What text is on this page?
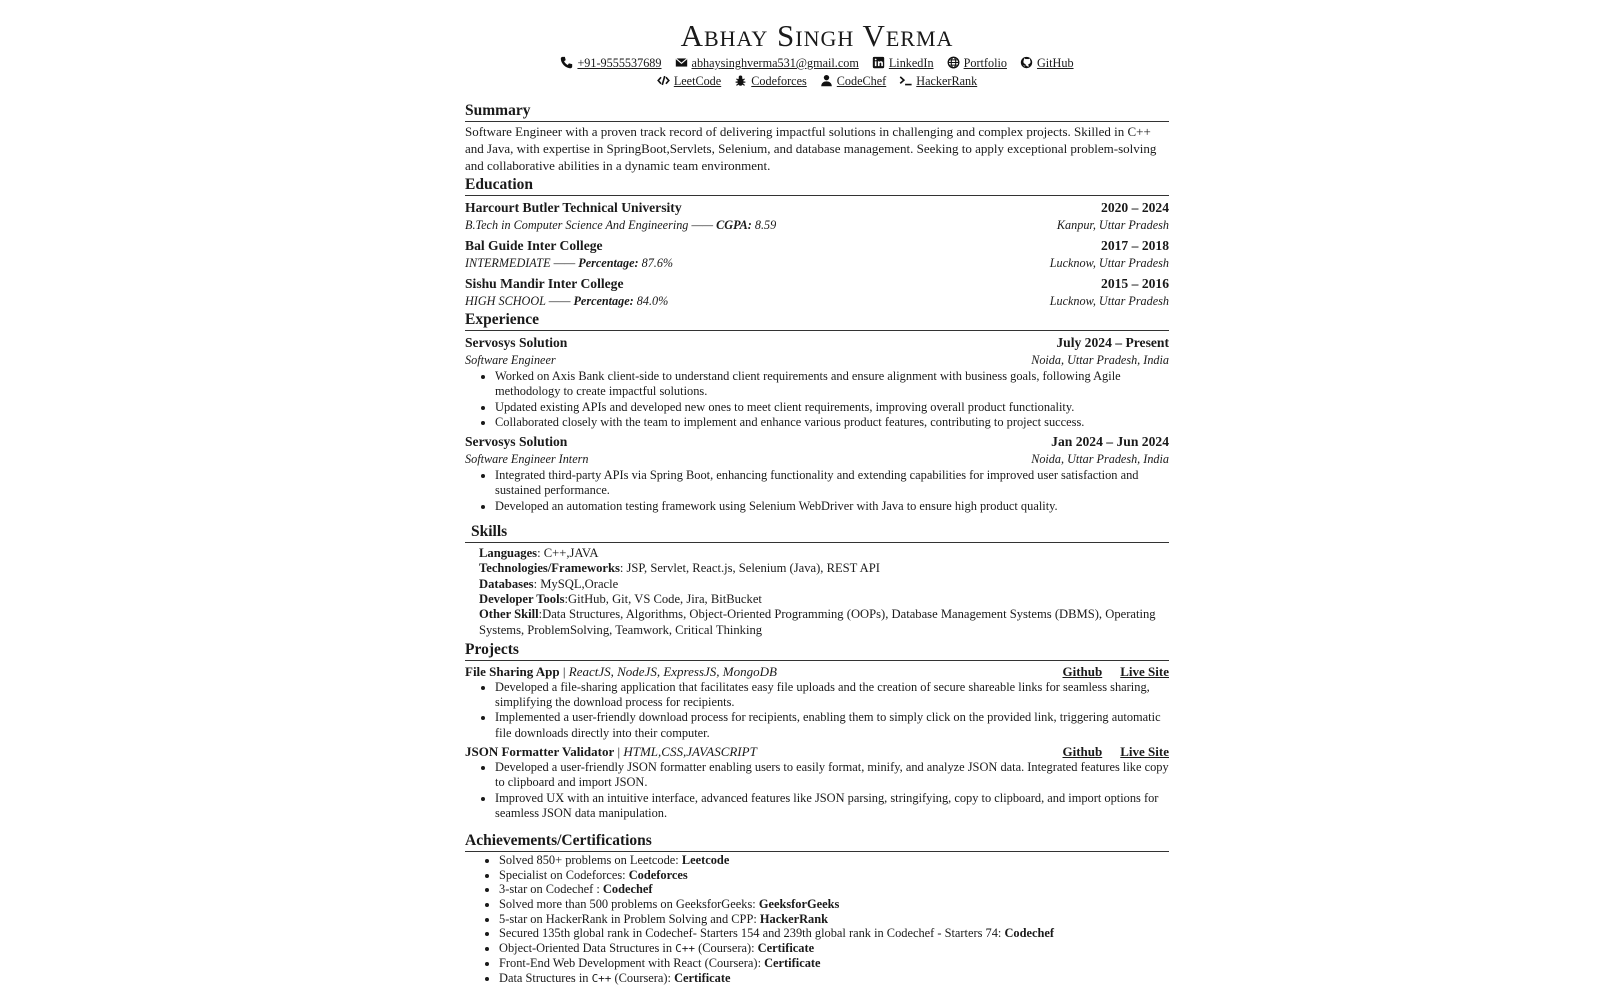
Abhay Singh Verma
+91-9555537689 abhaysinghverma531@gmail.com LinkedIn Portfolio GitHub
LeetCode Codeforces CodeChef HackerRank
Summary
Software Engineer with a proven track record of delivering impactful solutions in challenging and complex projects. Skilled in C++ and Java, with expertise in SpringBoot,Servlets, Selenium, and database management. Seeking to apply exceptional problem-solving and collaborative abilities in a dynamic team environment.
Education
Harcourt Butler Technical University	2020 – 2024
B.Tech in Computer Science And Engineering —— CGPA: 8.59	Kanpur, Uttar Pradesh
Bal Guide Inter College	2017 – 2018
INTERMEDIATE —— Percentage: 87.6%	Lucknow, Uttar Pradesh
Sishu Mandir Inter College	2015 – 2016
HIGH SCHOOL —— Percentage: 84.0%	Lucknow, Uttar Pradesh
Experience
Servosys Solution	July 2024 – Present
Software Engineer	Noida, Uttar Pradesh, India
• Worked on Axis Bank client-side to understand client requirements and ensure alignment with business goals, following Agile methodology to create impactful solutions.
• Updated existing APIs and developed new ones to meet client requirements, improving overall product functionality.
• Collaborated closely with the team to implement and enhance various product features, contributing to project success.
Servosys Solution	Jan 2024 – Jun 2024
Software Engineer Intern	Noida, Uttar Pradesh, India
• Integrated third-party APIs via Spring Boot, enhancing functionality and extending capabilities for improved user satisfaction and sustained performance.
• Developed an automation testing framework using Selenium WebDriver with Java to ensure high product quality.
Skills
Languages: C++,JAVA
Technologies/Frameworks: JSP, Servlet, React.js, Selenium (Java), REST API
Databases: MySQL,Oracle
Developer Tools:GitHub, Git, VS Code, Jira, BitBucket
Other Skill:Data Structures, Algorithms, Object-Oriented Programming (OOPs), Database Management Systems (DBMS), Operating Systems, ProblemSolving, Teamwork, Critical Thinking
Projects
File Sharing App | ReactJS, NodeJS, ExpressJS, MongoDB	Github Live Site
• Developed a file-sharing application that facilitates easy file uploads and the creation of secure shareable links for seamless sharing, simplifying the download process for recipients.
• Implemented a user-friendly download process for recipients, enabling them to simply click on the provided link, triggering automatic file downloads directly into their computer.
JSON Formatter Validator | HTML,CSS,JAVASCRIPT	Github Live Site
• Developed a user-friendly JSON formatter enabling users to easily format, minify, and analyze JSON data. Integrated features like copy to clipboard and import JSON.
• Improved UX with an intuitive interface, advanced features like JSON parsing, stringifying, copy to clipboard, and import options for seamless JSON data manipulation.
Achievements/Certifications
• Solved 850+ problems on Leetcode: Leetcode
• Specialist on Codeforces: Codeforces
• 3-star on Codechef : Codechef
• Solved more than 500 problems on GeeksforGeeks: GeeksforGeeks
• 5-star on HackerRank in Problem Solving and CPP: HackerRank
• Secured 135th global rank in Codechef- Starters 154 and 239th global rank in Codechef - Starters 74: Codechef
• Object-Oriented Data Structures in C++ (Coursera): Certificate
• Front-End Web Development with React (Coursera): Certificate
• Data Structures in C++ (Coursera): Certificate
